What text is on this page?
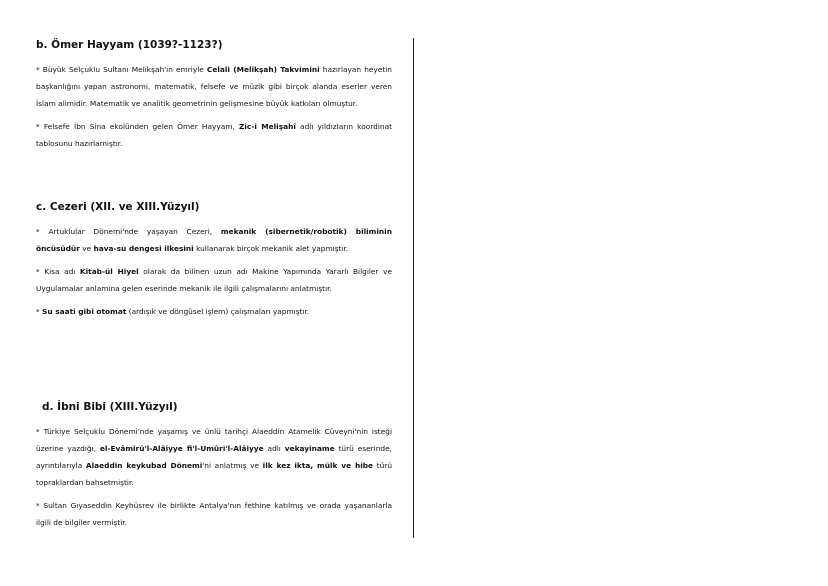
b. Ömer Hayyam (1039?-1123?)

* Büyük Selçuklu Sultanı Melikşah'ın emriyle Celali (Melikşah) Takvimini hazırlayan heyetin başkanlığını yapan astronomi, matematik, felsefe ve müzik gibi birçok alanda eserler veren İslam alimidir. Matematik ve analitik geometrinin gelişmesine büyük katkıları olmuştur.

* Felsefe İbn Sina ekolünden gelen Ömer Hayyam, Zic-i Melişahî adlı yıldızların koordinat tablosunu hazırlamıştır.

c. Cezeri (XII. ve XIII.Yüzyıl)

* Artuklular Dönemi'nde yaşayan Cezeri, mekanik (sibernetik/robotik) biliminin öncüsüdür ve hava-su dengesi ilkesini kullanarak birçok mekanik alet yapmıştır.

* Kısa adı Kitab-ül Hiyel olarak da bilinen uzun adı Makine Yapımında Yararlı Bilgiler ve Uygulamalar anlamına gelen eserinde mekanik ile ilgili çalışmalarını anlatmıştır.

* Su saati gibi otomat (ardışık ve döngüsel işlem) çalışmaları yapmıştır.

d. İbni Bibi (XIII.Yüzyıl)

* Türkiye Selçuklu Dönemi'nde yaşamış ve ünlü tarihçi Alaeddin Atamelik Cüveyni'nin isteği üzerine yazdığı, el-Evâmirü'l-Alâiyye fi'l-Umûri'l-Alâiyye adlı vekayiname türü eserinde, ayrıntılarıyla Alaeddin keykubad Dönemi'ni anlatmış ve ilk kez ikta, mülk ve hibe türü topraklardan bahsetmiştir.

* Sultan Gıyaseddin Keyhüsrev ile birlikte Antalya'nın fethine katılmış ve orada yaşananlarla ilgili de bilgiler vermiştir.
